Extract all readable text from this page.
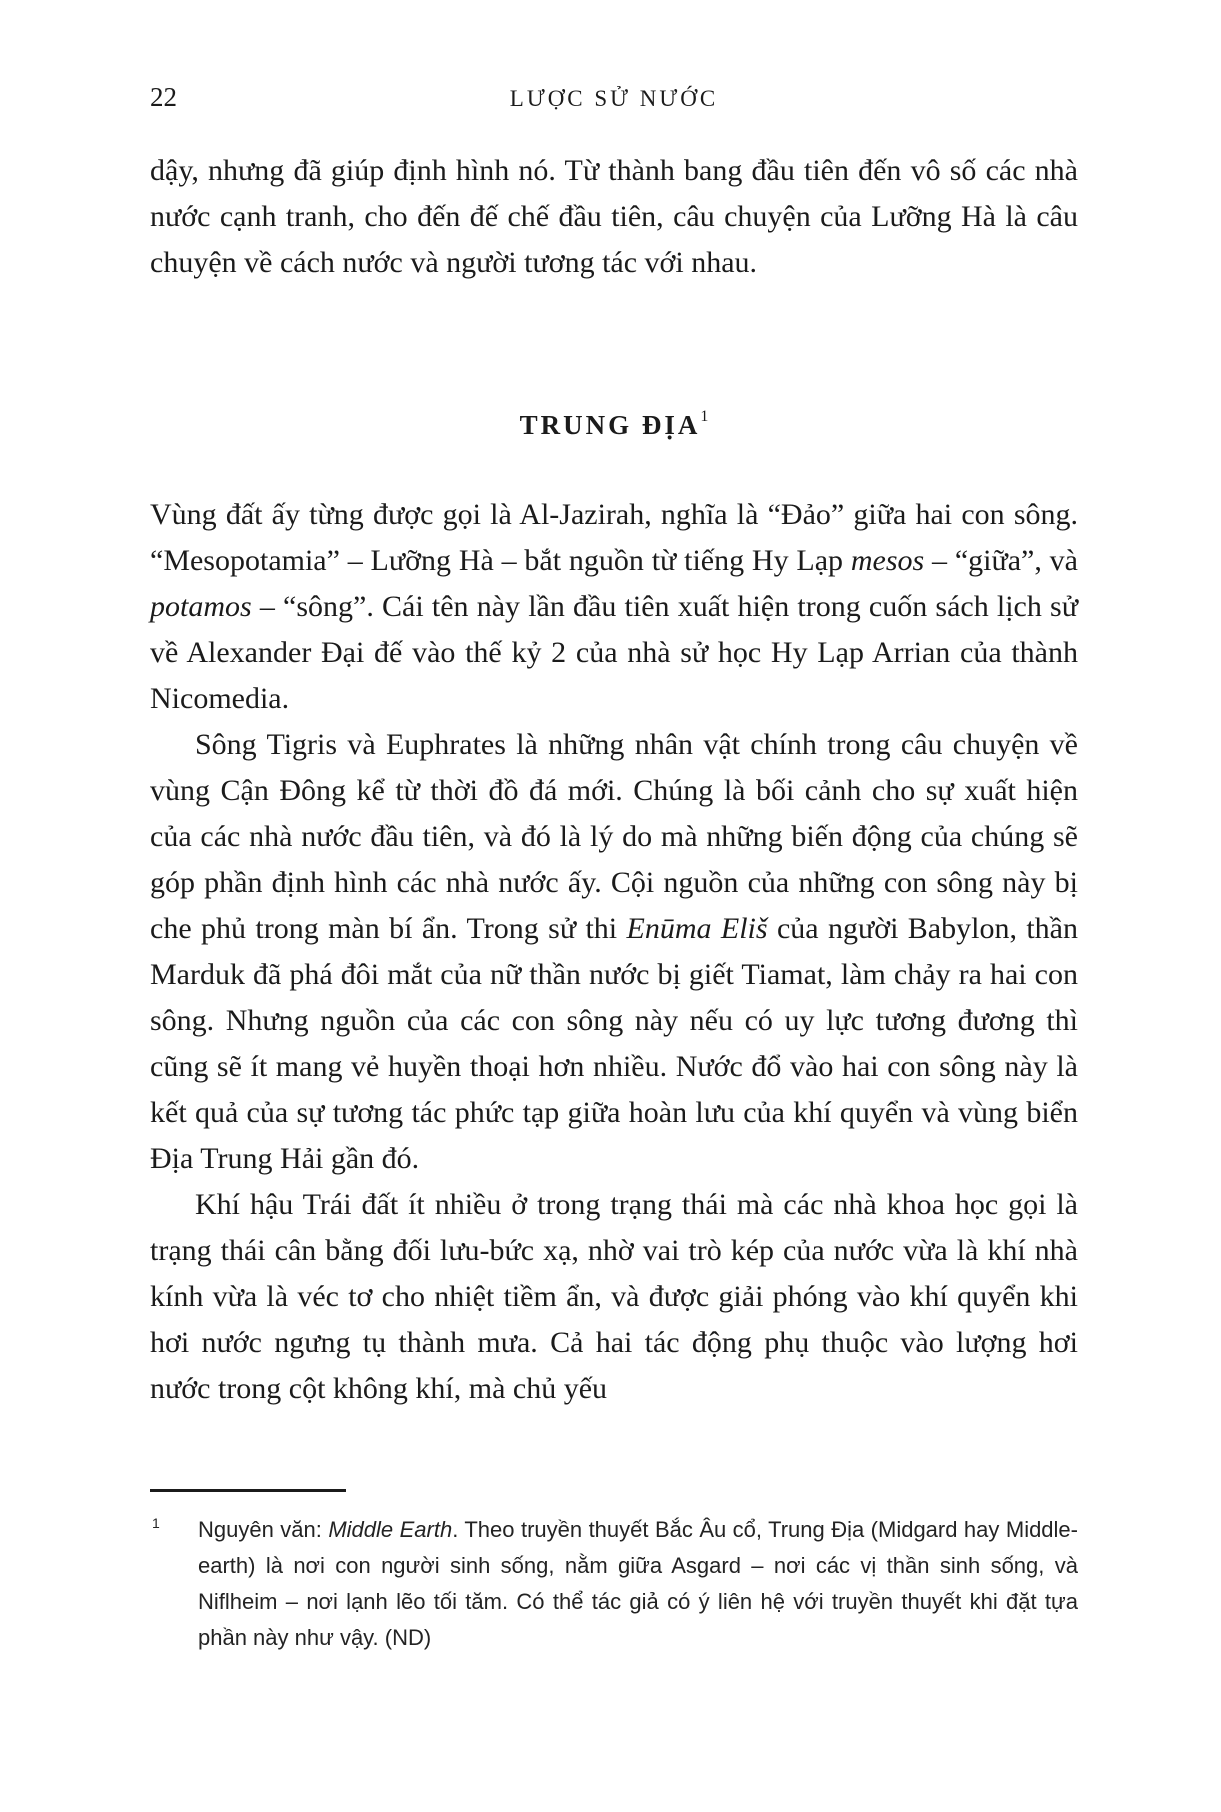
22	LƯỢC SỬ NƯỚC

dậy, nhưng đã giúp định hình nó. Từ thành bang đầu tiên đến vô số các nhà nước cạnh tranh, cho đến đế chế đầu tiên, câu chuyện của Lưỡng Hà là câu chuyện về cách nước và người tương tác với nhau.

TRUNG ĐỊA$^1$

Vùng đất ấy từng được gọi là Al-Jazirah, nghĩa là “Đảo” giữa hai con sông. “Mesopotamia” – Lưỡng Hà – bắt nguồn từ tiếng Hy Lạp mesos – “giữa”, và potamos – “sông”. Cái tên này lần đầu tiên xuất hiện trong cuốn sách lịch sử về Alexander Đại đế vào thế kỷ 2 của nhà sử học Hy Lạp Arrian của thành Nicomedia.

Sông Tigris và Euphrates là những nhân vật chính trong câu chuyện về vùng Cận Đông kể từ thời đồ đá mới. Chúng là bối cảnh cho sự xuất hiện của các nhà nước đầu tiên, và đó là lý do mà những biến động của chúng sẽ góp phần định hình các nhà nước ấy. Cội nguồn của những con sông này bị che phủ trong màn bí ẩn. Trong sử thi Enūma Eliš của người Babylon, thần Marduk đã phá đôi mắt của nữ thần nước bị giết Tiamat, làm chảy ra hai con sông. Nhưng nguồn của các con sông này nếu có uy lực tương đương thì cũng sẽ ít mang vẻ huyền thoại hơn nhiều. Nước đổ vào hai con sông này là kết quả của sự tương tác phức tạp giữa hoàn lưu của khí quyển và vùng biển Địa Trung Hải gần đó.

Khí hậu Trái đất ít nhiều ở trong trạng thái mà các nhà khoa học gọi là trạng thái cân bằng đối lưu-bức xạ, nhờ vai trò kép của nước vừa là khí nhà kính vừa là véc tơ cho nhiệt tiềm ẩn, và được giải phóng vào khí quyển khi hơi nước ngưng tụ thành mưa. Cả hai tác động phụ thuộc vào lượng hơi nước trong cột không khí, mà chủ yếu

1 Nguyên văn: Middle Earth. Theo truyền thuyết Bắc Âu cổ, Trung Địa (Midgard hay Middle-earth) là nơi con người sinh sống, nằm giữa Asgard – nơi các vị thần sinh sống, và Niflheim – nơi lạnh lẽo tối tăm. Có thể tác giả có ý liên hệ với truyền thuyết khi đặt tựa phần này như vậy. (ND)
